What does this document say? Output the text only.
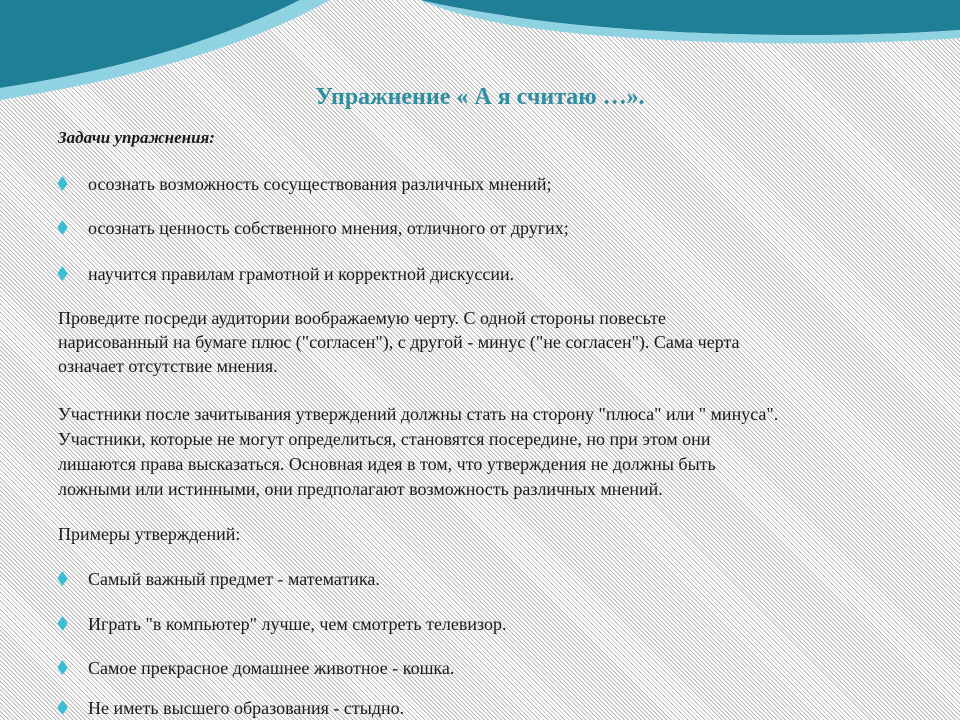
Упражнение « А я считаю …».
Задачи упражнения:
осознать возможность сосуществования различных мнений;
осознать ценность собственного мнения, отличного от других;
научится правилам грамотной и корректной дискуссии.
Проведите посреди аудитории воображаемую черту. С одной стороны повесьте
нарисованный на бумаге плюс ("согласен"), с другой - минус ("не согласен"). Сама черта
означает отсутствие мнения.
Участники после зачитывания утверждений должны стать на сторону "плюса" или " минуса".
Участники, которые не могут определиться, становятся посередине, но при этом они
лишаются права высказаться. Основная идея в том, что утверждения не должны быть
ложными или истинными, они предполагают возможность различных мнений.
Примеры утверждений:
Самый важный предмет - математика.
Играть "в компьютер" лучше, чем смотреть телевизор.
Самое прекрасное домашнее животное - кошка.
Не иметь высшего образования - стыдно.
